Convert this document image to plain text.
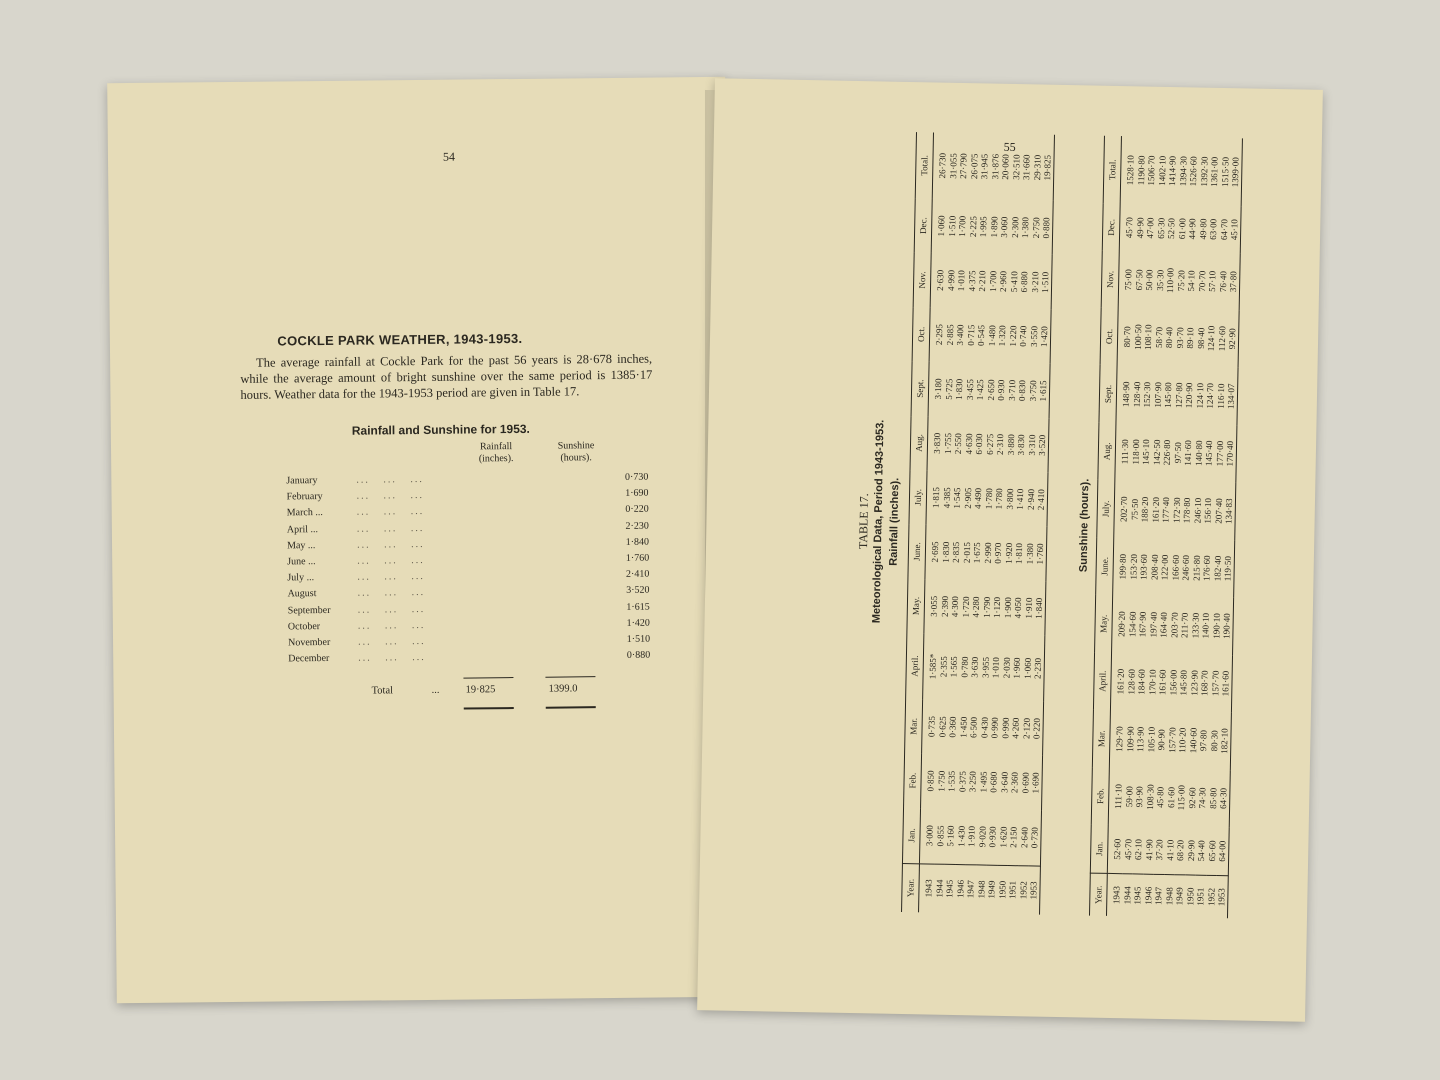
54
COCKLE PARK WEATHER, 1943-1953.
The average rainfall at Cockle Park for the past 56 years is 28·678 inches, while the average amount of bright sunshine over the same period is 1385·17 hours. Weather data for the 1943-1953 period are given in Table 17.
Rainfall and Sunshine for 1953.
Rainfall (inches).
Sunshine (hours).
January	...   ...   ...	0·730
February	...   ...   ...	1·690
March ...	...   ...   ...	0·220
April ...	...   ...   ...	2·230
May ...	...   ...   ...	1·840
June ...	...   ...   ...	1·760
July ...	...   ...   ...	2·410
August	...   ...   ...	3·520
September	...   ...   ...	1·615
October	...   ...   ...	1·420
November	...   ...   ...	1·510
December	...   ...   ...	0·880
Total	... 19·825	1399.0
55
TABLE 17. Meteorological Data, Period 1943-1953. Rainfall (inches).
Year.	Jan.	Feb.	Mar.	April.	May.	June.	July.	Aug.	Sept.	Oct.	Nov.	Dec.	Total.
1943	3·000	0·850	0·735	1·585*	3·055	2·695	1·815	3·830	3·180	2·295	2·630	1·060	26·730
1944	0·855	1·750	0·625	2·355	2·390	1·830	4·385	1·755	5·725	2·885	4·990	1·510	31·055
1945	5·160	1·535	0·360	1·565	4·300	2·835	1·545	2·550	1·830	3·400	1·010	1·700	27·790
1946	1·430	0·375	1·450	0·780	1·720	2·015	2·905	4·630	3·455	0·715	4·375	2·225	26·075
1947	1·910	3·250	6·500	3·630	4·280	1·675	4·490	6·030	1·425	0·545	2·210	1·995	31·945
1948	9·020	1·495	0·430	3·955	1·790	2·990	1·780	6·275	2·650	1·480	1·700	1·890	31·876
1949	0·930	0·680	0·990	1·010	1·120	0·970	1·780	2·310	0·930	1·320	2·960	3·060	20·060
1950	1·620	3·640	0·990	2·030	1·900	1·920	3·800	3·880	3·710	1·220	5·410	2·300	32·510
1951	2·150	2·360	4·260	1·960	4·050	1·810	1·410	3·830	0·830	0·740	6·880	1·380	31·660
1952	2·640	0·690	2·120	1·060	1·910	1·380	2·940	3·310	3·750	3·550	3·210	2·750	29·310
1953	0·730	1·690	0·220	2·230	1·840	1·760	2·410	3·520	1·615	1·420	1·510	0·880	19·825
Sunshine (hours).
Year.	Jan.	Feb.	Mar.	April.	May.	June.	July.	Aug.	Sept.	Oct.	Nov.	Dec.	Total.
1943	52·60	111·10	129·70	161·20	209·20	199·80	202·70	111·30	148·90	80·70	75·00	45·70	1528·10
1944	45·70	59·00	109·90	128·60	154·60	153·20	75·50	118·00	128·40	100·50	67·50	49·90	1190·80
1945	62·10	93·90	113·90	184·60	167·90	193·60	188·20	145·10	152·30	108·10	50·00	47·00	1506·70
1946	41·90	108·30	105·10	170·10	197·40	208·40	161·20	142·50	107·90	58·70	35·30	65·30	1402·10
1947	37·20	45·80	90·90	161·60	164·40	122·00	177·40	226·80	145·80	80·40	110·00	52·50	1414·90
1948	41·10	61·60	157·70	156·00	203·70	166·60	172·30	97·50	127·80	93·70	75·20	61·00	1394·30
1949	68·20	115·00	110·20	145·80	211·70	246·60	178·80	141·60	120·90	89·10	54·10	44·90	1526·60
1950	29·90	92·60	140·60	123·90	133·30	215·80	246·10	140·80	124·10	98·40	70·70	49·80	1392·30
1951	54·40	74·30	97·80	168·70	140·10	176·60	156·10	145·40	124·70	124·10	57·10	63·00	1361·00
1952	65·60	85·80	80·30	157·70	190·10	182·40	207·40	177·00	116·10	112·60	76·40	64·70	1515·50
1953	64·00	64·30	182·10	161·60	190·40	119·50	134·83	170·40	134·07	92·90	37·80	45·10	1399·00
